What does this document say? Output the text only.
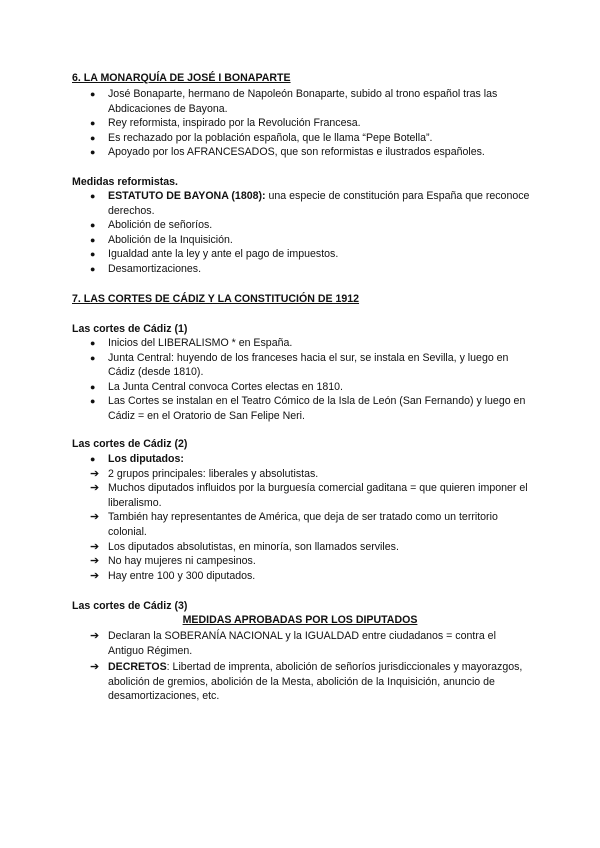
6. LA MONARQUÍA DE JOSÉ I BONAPARTE
●	José Bonaparte, hermano de Napoleón Bonaparte, subido al trono español tras las Abdicaciones de Bayona.
●	Rey reformista, inspirado por la Revolución Francesa.
●	Es rechazado por la población española, que le llama “Pepe Botella”.
●	Apoyado por los AFRANCESADOS, que son reformistas e ilustrados españoles.
Medidas reformistas.
●	ESTATUTO DE BAYONA (1808): una especie de constitución para España que reconoce derechos.
●	Abolición de señoríos.
●	Abolición de la Inquisición.
●	Igualdad ante la ley y ante el pago de impuestos.
●	Desamortizaciones.
7. LAS CORTES DE CÁDIZ Y LA CONSTITUCIÓN DE 1912
Las cortes de Cádiz (1)
●	Inicios del LIBERALISMO * en España.
●	Junta Central: huyendo de los franceses hacia el sur, se instala en Sevilla, y luego en Cádiz (desde 1810).
●	La Junta Central convoca Cortes electas en 1810.
●	Las Cortes se instalan en el Teatro Cómico de la Isla de León (San Fernando) y luego en Cádiz = en el Oratorio de San Felipe Neri.
Las cortes de Cádiz (2)
●	Los diputados:
➔ 2 grupos principales: liberales y absolutistas.
➔ Muchos diputados influidos por la burguesía comercial gaditana = que quieren imponer el liberalismo.
➔ También hay representantes de América, que deja de ser tratado como un territorio colonial.
➔ Los diputados absolutistas, en minoría, son llamados serviles.
➔ No hay mujeres ni campesinos.
➔ Hay entre 100 y 300 diputados.
Las cortes de Cádiz (3)
MEDIDAS APROBADAS POR LOS DIPUTADOS
➔ Declaran la SOBERANÍA NACIONAL y la IGUALDAD entre ciudadanos = contra el Antiguo Régimen.
➔ DECRETOS: Libertad de imprenta, abolición de señoríos jurisdiccionales y mayorazgos, abolición de gremios, abolición de la Mesta, abolición de la Inquisición, anuncio de desamortizaciones, etc.
